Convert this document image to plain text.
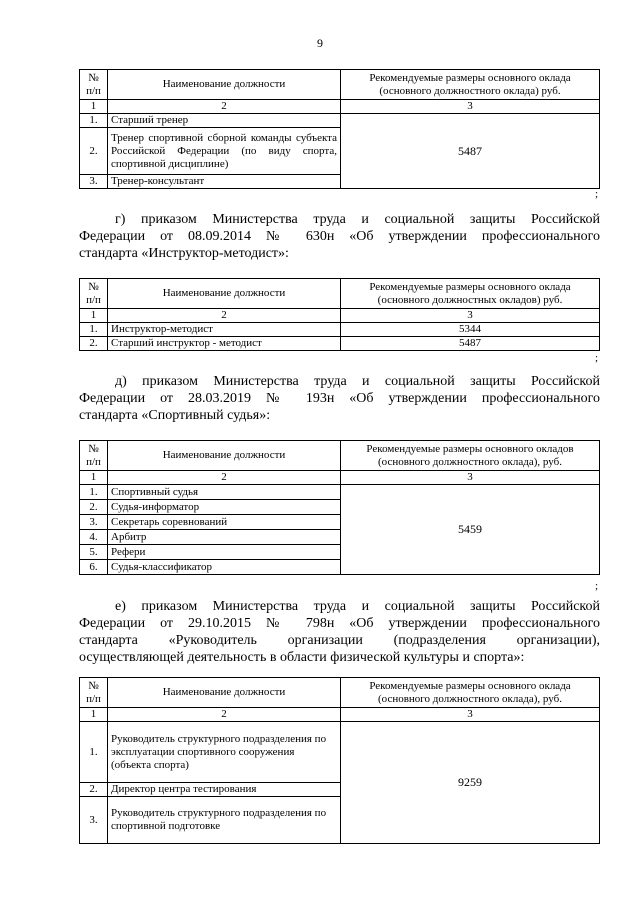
9
№
п/п	Наименование должности	Рекомендуемые размеры основного оклада (основного должностного оклада) руб.
1	2	3
1.	Старший тренер	5487
2.	Тренер спортивной сборной команды субъекта Российской Федерации (по виду спорта, спортивной дисциплине)	
3.	Тренер-консультант	
;
г) приказом Министерства труда и социальной защиты Российской
Федерации от 08.09.2014 № 630н «Об утверждении профессионального
стандарта «Инструктор-методист»:
№
п/п	Наименование должности	Рекомендуемые размеры основного оклада (основного должностных окладов) руб.
1	2	3
1.	Инструктор-методист	5344
2.	Старший инструктор - методист	5487
;
д) приказом Министерства труда и социальной защиты Российской
Федерации от 28.03.2019 № 193н «Об утверждении профессионального
стандарта «Спортивный судья»:
№
п/п	Наименование должности	Рекомендуемые размеры основного окладов (основного должностного оклада), руб.
1	2	3
1.	Спортивный судья	5459
2.	Судья-информатор	
3.	Секретарь соревнований	
4.	Арбитр	
5.	Рефери	
6.	Судья-классификатор	
;
е) приказом Министерства труда и социальной защиты Российской
Федерации от 29.10.2015 № 798н «Об утверждении профессионального
стандарта «Руководитель организации (подразделения организации),
осуществляющей деятельность в области физической культуры и спорта»:
№
п/п	Наименование должности	Рекомендуемые размеры основного оклада (основного должностного оклада), руб.
1	2	3
1.	Руководитель структурного подразделения по эксплуатации спортивного сооружения (объекта спорта)	9259
2.	Директор центра тестирования	
3.	Руководитель структурного подразделения по спортивной подготовке	
